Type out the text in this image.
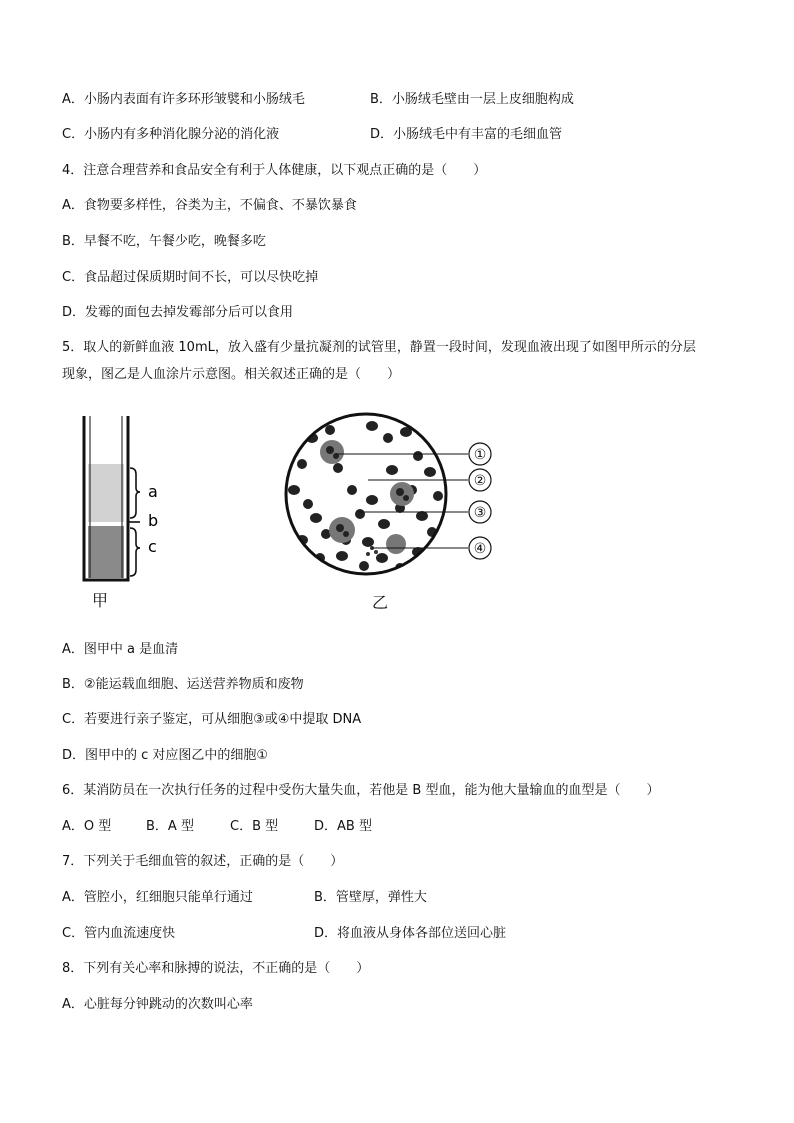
A．小肠内表面有许多环形皱襞和小肠绒毛	B．小肠绒毛壁由一层上皮细胞构成
C．小肠内有多种消化腺分泌的消化液	D．小肠绒毛中有丰富的毛细血管
4．注意合理营养和食品安全有利于人体健康，以下观点正确的是（　　）
A．食物要多样性，谷类为主，不偏食、不暴饮暴食
B．早餐不吃，午餐少吃，晚餐多吃
C．食品超过保质期时间不长，可以尽快吃掉
D．发霉的面包去掉发霉部分后可以食用
5．取人的新鲜血液 10mL，放入盛有少量抗凝剂的试管里，静置一段时间，发现血液出现了如图甲所示的分层
现象，图乙是人血涂片示意图。相关叙述正确的是（　　）
a
b
c
甲
①
②
③
④
乙
A．图甲中 a 是血清
B．②能运载血细胞、运送营养物质和废物
C．若要进行亲子鉴定，可从细胞③或④中提取 DNA
D．图甲中的 c 对应图乙中的细胞①
6．某消防员在一次执行任务的过程中受伤大量失血，若他是 B 型血，能为他大量输血的血型是（　　）
A．O 型	B．A 型	C．B 型	D．AB 型
7．下列关于毛细血管的叙述，正确的是（　　）
A．管腔小，红细胞只能单行通过	B．管壁厚，弹性大
C．管内血流速度快	D．将血液从身体各部位送回心脏
8．下列有关心率和脉搏的说法，不正确的是（　　）
A．心脏每分钟跳动的次数叫心率
